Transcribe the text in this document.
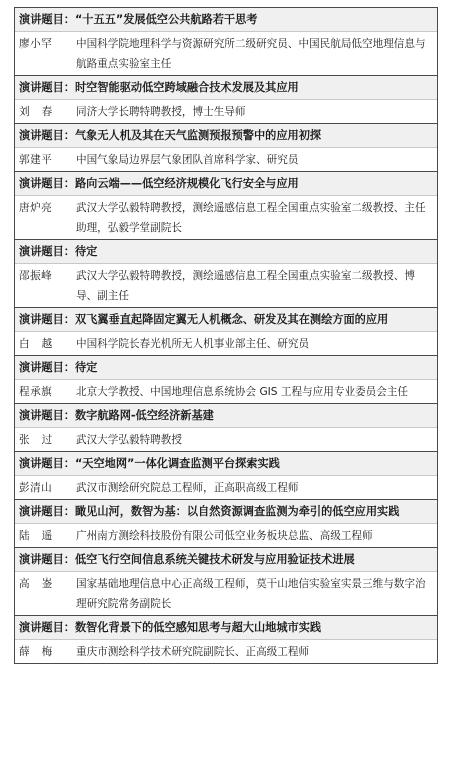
演讲题目： “十五五”发展低空公共航路若干思考
廖小罕	中国科学院地理科学与资源研究所二级研究员、中国民航局低空地理信息与航路重点实验室主任
演讲题目： 时空智能驱动低空跨域融合技术发展及其应用
刘春	同济大学长聘特聘教授，博士生导师
演讲题目： 气象无人机及其在天气监测预报预警中的应用初探
郭建平	中国气象局边界层气象团队首席科学家、研究员
演讲题目： 路向云端——低空经济规模化飞行安全与应用
唐炉亮	武汉大学弘毅特聘教授，测绘遥感信息工程全国重点实验室二级教授、主任助理，弘毅学堂副院长
演讲题目： 待定
邵振峰	武汉大学弘毅特聘教授，测绘遥感信息工程全国重点实验室二级教授、博导、副主任
演讲题目： 双飞翼垂直起降固定翼无人机概念、研发及其在测绘方面的应用
白越	中国科学院长春光机所无人机事业部主任、研究员
演讲题目： 待定
程承旗	北京大学教授、中国地理信息系统协会 GIS 工程与应用专业委员会主任
演讲题目： 数字航路网-低空经济新基建
张过	武汉大学弘毅特聘教授
演讲题目： “天空地网”一体化调查监测平台探索实践
彭清山	武汉市测绘研究院总工程师，正高职高级工程师
演讲题目： 瞰见山河，数智为基：以自然资源调查监测为牵引的低空应用实践
陆遥	广州南方测绘科技股份有限公司低空业务板块总监、高级工程师
演讲题目： 低空飞行空间信息系统关键技术研发与应用验证技术进展
高崟	国家基础地理信息中心正高级工程师，莫干山地信实验室实景三维与数字治理研究院常务副院长
演讲题目： 数智化背景下的低空感知思考与超大山地城市实践
薛梅	重庆市测绘科学技术研究院副院长、正高级工程师
